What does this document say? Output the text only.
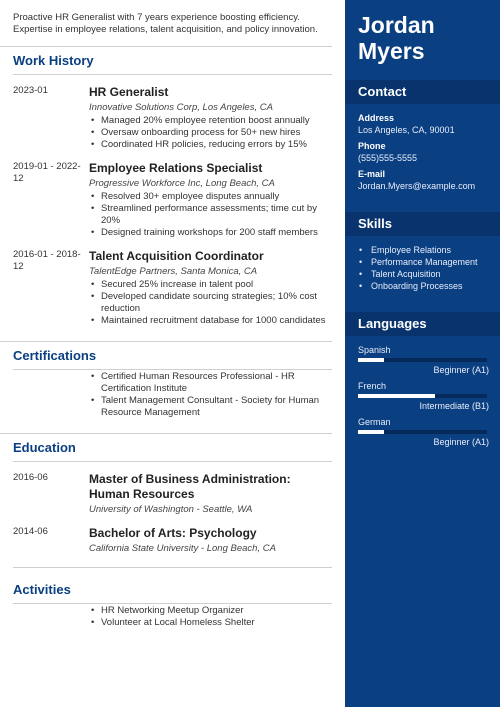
Proactive HR Generalist with 7 years experience boosting efficiency. Expertise in employee relations, talent acquisition, and policy innovation.

Work History
2023-01	HR Generalist
Innovative Solutions Corp, Los Angeles, CA
• Managed 20% employee retention boost annually
• Oversaw onboarding process for 50+ new hires
• Coordinated HR policies, reducing errors by 15%
2019-01 - 2022-12
Employee Relations Specialist
Progressive Workforce Inc, Long Beach, CA
• Resolved 30+ employee disputes annually
• Streamlined performance assessments; time cut by 20%
• Designed training workshops for 200 staff members
2016-01 - 2018-12
Talent Acquisition Coordinator
TalentEdge Partners, Santa Monica, CA
• Secured 25% increase in talent pool
• Developed candidate sourcing strategies; 10% cost reduction
• Maintained recruitment database for 1000 candidates
Certifications
• Certified Human Resources Professional - HR Certification Institute
• Talent Management Consultant - Society for Human Resource Management
Education
2016-06	Master of Business Administration: Human Resources
University of Washington - Seattle, WA
2014-06	Bachelor of Arts: Psychology
California State University - Long Beach, CA
Activities
• HR Networking Meetup Organizer
• Volunteer at Local Homeless Shelter
Jordan
Myers
Contact
Address
Los Angeles, CA, 90001
Phone
(555)555-5555
E-mail
Jordan.Myers@example.com
Skills
• Employee Relations
• Performance Management
• Talent Acquisition
• Onboarding Processes
Languages
Spanish
Beginner (A1)
French
Intermediate (B1)
German
Beginner (A1)
